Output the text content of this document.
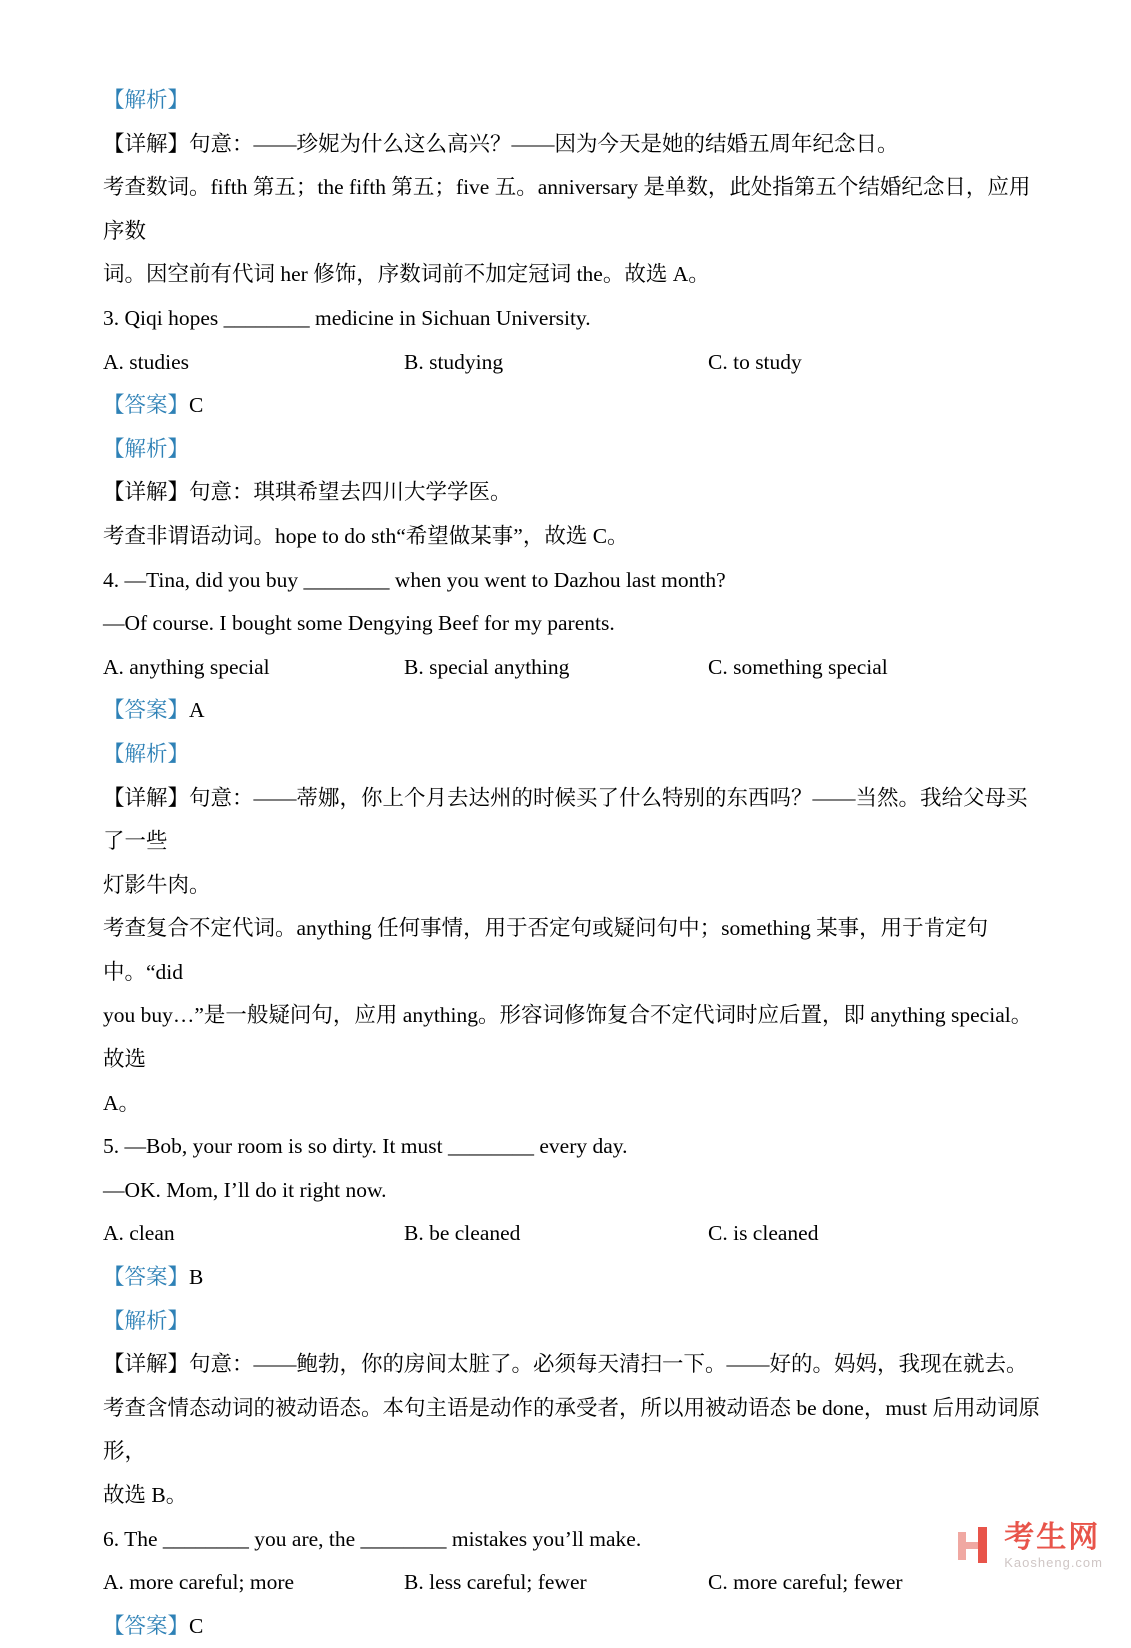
【解析】
【详解】句意：——珍妮为什么这么高兴？——因为今天是她的结婚五周年纪念日。
考查数词。fifth 第五；the fifth 第五；five 五。anniversary 是单数，此处指第五个结婚纪念日，应用序数
词。因空前有代词 her 修饰，序数词前不加定冠词 the。故选 A。
3. Qiqi hopes ________ medicine in Sichuan University.
A. studies	B. studying	C. to study
【答案】C
【解析】
【详解】句意：琪琪希望去四川大学学医。
考查非谓语动词。hope to do sth“希望做某事”，故选 C。
4. —Tina, did you buy ________ when you went to Dazhou last month?
—Of course. I bought some Dengying Beef for my parents.
A. anything special	B. special anything	C. something special
【答案】A
【解析】
【详解】句意：——蒂娜，你上个月去达州的时候买了什么特别的东西吗？——当然。我给父母买了一些
灯影牛肉。
考查复合不定代词。anything 任何事情，用于否定句或疑问句中；something 某事，用于肯定句中。“did
you buy…”是一般疑问句，应用 anything。形容词修饰复合不定代词时应后置，即 anything special。故选
A。
5. —Bob, your room is so dirty. It must ________ every day.
—OK. Mom, I’ll do it right now.
A. clean	B. be cleaned	C. is cleaned
【答案】B
【解析】
【详解】句意：——鲍勃，你的房间太脏了。必须每天清扫一下。——好的。妈妈，我现在就去。
考查含情态动词的被动语态。本句主语是动作的承受者，所以用被动语态 be done，must 后用动词原形，
故选 B。
6. The ________ you are, the ________ mistakes you’ll make.
A. more careful; more	B. less careful; fewer	C. more careful; fewer
【答案】C
考生网
Kaosheng.com
